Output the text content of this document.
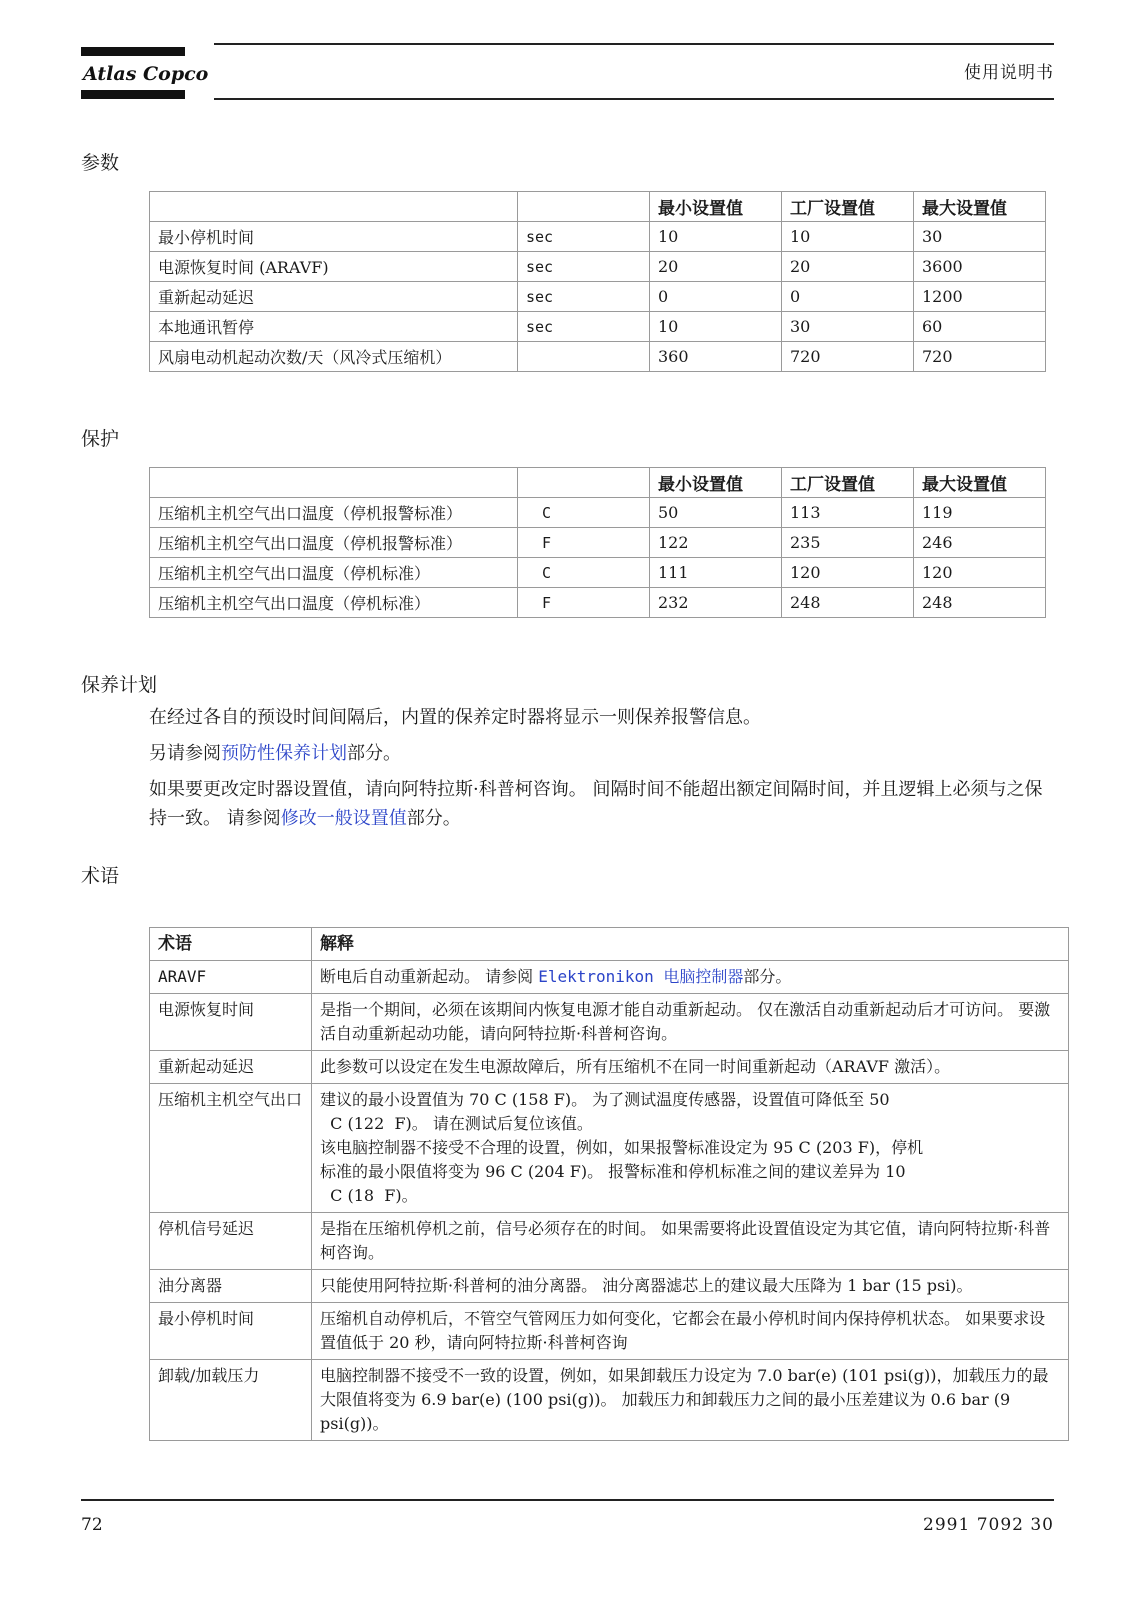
Atlas Copco	使用说明书
参数
		最小设置值	工厂设置值	最大设置值
最小停机时间	sec	10	10	30
电源恢复时间 (ARAVF)	sec	20	20	3600
重新起动延迟	sec	0	0	1200
本地通讯暂停	sec	10	30	60
风扇电动机起动次数/天（风冷式压缩机）		360	720	720
保护
		最小设置值	工厂设置值	最大设置值
压缩机主机空气出口温度（停机报警标准）	C	50	113	119
压缩机主机空气出口温度（停机报警标准）	F	122	235	246
压缩机主机空气出口温度（停机标准）	C	111	120	120
压缩机主机空气出口温度（停机标准）	F	232	248	248
保养计划
在经过各自的预设时间间隔后，内置的保养定时器将显示一则保养报警信息。
另请参阅预防性保养计划部分。
如果要更改定时器设置值，请向阿特拉斯·科普柯咨询。 间隔时间不能超出额定间隔时间，并且逻辑上必须与之保持一致。 请参阅修改一般设置值部分。
术语
术语	解释
ARAVF	断电后自动重新起动。 请参阅 Elektronikon 电脑控制器部分。
电源恢复时间	是指一个期间，必须在该期间内恢复电源才能自动重新起动。 仅在激活自动重新起动后才可访问。 要激活自动重新起动功能，请向阿特拉斯·科普柯咨询。
重新起动延迟	此参数可以设定在发生电源故障后，所有压缩机不在同一时间重新起动（ARAVF 激活）。
压缩机主机空气出口	建议的最小设置值为 70 C (158 F)。 为了测试温度传感器，设置值可降低至 50
C (122  F)。 请在测试后复位该值。
该电脑控制器不接受不合理的设置，例如，如果报警标准设定为 95 C (203 F)，停机
标准的最小限值将变为 96 C (204 F)。 报警标准和停机标准之间的建议差异为 10
C (18  F)。

停机信号延迟	是指在压缩机停机之前，信号必须存在的时间。 如果需要将此设置值设定为其它值，请向阿特拉斯·科普柯咨询。
油分离器	只能使用阿特拉斯·科普柯的油分离器。 油分离器滤芯上的建议最大压降为 1 bar (15 psi)。
最小停机时间	压缩机自动停机后，不管空气管网压力如何变化，它都会在最小停机时间内保持停机状态。 如果要求设置值低于 20 秒，请向阿特拉斯·科普柯咨询
卸载/加载压力	电脑控制器不接受不一致的设置，例如，如果卸载压力设定为 7.0 bar(e) (101 psi(g))，加载压力的最大限值将变为 6.9 bar(e) (100 psi(g))。 加载压力和卸载压力之间的最小压差建议为 0.6 bar (9 psi(g))。
72	2991 7092 30
